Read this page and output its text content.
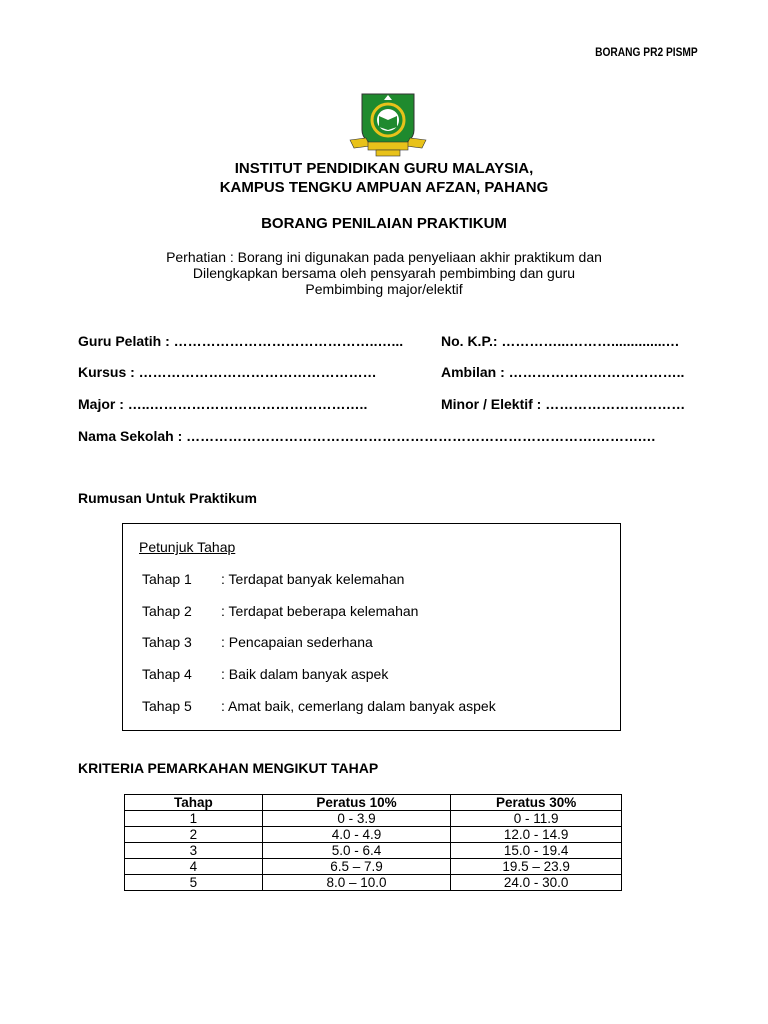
BORANG PR2 PISMP
INSTITUT PENDIDIKAN GURU MALAYSIA,
KAMPUS TENGKU AMPUAN AFZAN, PAHANG
BORANG PENILAIAN PRAKTIKUM
Perhatian : Borang ini digunakan pada penyeliaan akhir praktikum dan
Dilengkapkan bersama oleh pensyarah pembimbing dan guru
Pembimbing major/elektif
Guru Pelatih : ……………………………………..…...	No. K.P.: …………...………..............…
Kursus : ……………………………………………	Ambilan : ………………………………..
Major : …..………………………………………..	Minor / Elektif : …………………………
Nama Sekolah : …………………………………………………………………………….……….…
Rumusan Untuk Praktikum
Petunjuk Tahap
Tahap 1 : Terdapat banyak kelemahan
Tahap 2 : Terdapat beberapa kelemahan
Tahap 3 : Pencapaian sederhana
Tahap 4 : Baik dalam banyak aspek
Tahap 5 : Amat baik, cemerlang dalam banyak aspek
KRITERIA PEMARKAHAN MENGIKUT TAHAP
Tahap	Peratus 10%	Peratus 30%
1	0 - 3.9	0 - 11.9
2	4.0 - 4.9	12.0 - 14.9
3	5.0 - 6.4	15.0 - 19.4
4	6.5 – 7.9	19.5 – 23.9
5	8.0 – 10.0	24.0 - 30.0
